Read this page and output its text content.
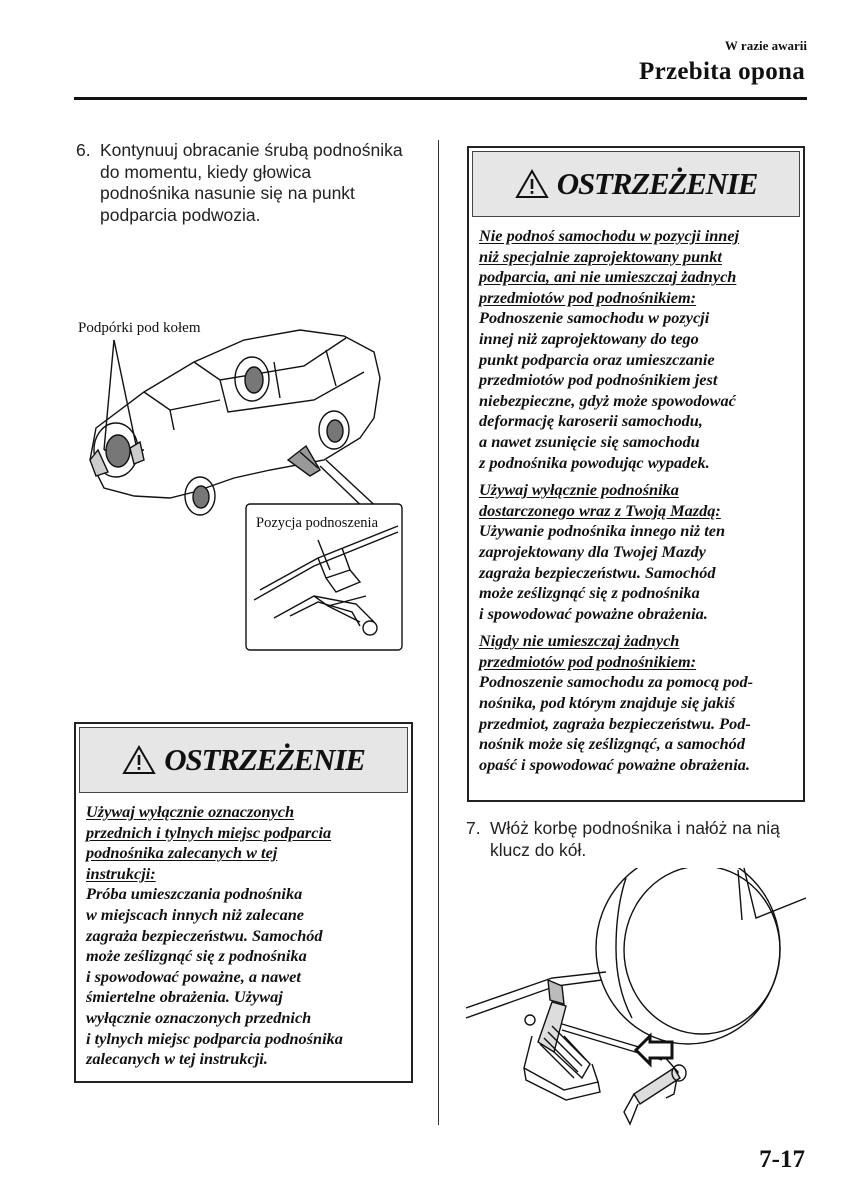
W razie awarii
Przebita opona
6. Kontynuuj obracanie śrubą podnośnika
do momentu, kiedy głowica
podnośnika nasunie się na punkt
podparcia podwozia.
Podpórki pod kołem
Pozycja podnoszenia
OSTRZEŻENIE

Nie podnoś samochodu w pozycji innej
niż specjalnie zaprojektowany punkt
podparcia, ani nie umieszczaj żadnych
przedmiotów pod podnośnikiem:

Podnoszenie samochodu w pozycji
innej niż zaprojektowany do tego
punkt podparcia oraz umieszczanie
przedmiotów pod podnośnikiem jest
niebezpieczne, gdyż może spowodować
deformację karoserii samochodu,
a nawet zsunięcie się samochodu
z podnośnika powodując wypadek.

Używaj wyłącznie podnośnika
dostarczonego wraz z Twoją Mazdą:

Używanie podnośnika innego niż ten
zaprojektowany dla Twojej Mazdy
zagraża bezpieczeństwu. Samochód
może ześlizgnąć się z podnośnika
i spowodować poważne obrażenia.

Nigdy nie umieszczaj żadnych
przedmiotów pod podnośnikiem:

Podnoszenie samochodu za pomocą pod-
nośnika, pod którym znajduje się jakiś
przedmiot, zagraża bezpieczeństwu. Pod-
nośnik może się ześlizgnąć, a samochód
opaść i spowodować poważne obrażenia.

OSTRZEŻENIE

Używaj wyłącznie oznaczonych
przednich i tylnych miejsc podparcia
podnośnika zalecanych w tej
instrukcji:

Próba umieszczania podnośnika
w miejscach innych niż zalecane
zagraża bezpieczeństwu. Samochód
może ześlizgnąć się z podnośnika
i spowodować poważne, a nawet
śmiertelne obrażenia. Używaj
wyłącznie oznaczonych przednich
i tylnych miejsc podparcia podnośnika
zalecanych w tej instrukcji.

7. Włóż korbę podnośnika i nałóż na nią
klucz do kół.
7-17
